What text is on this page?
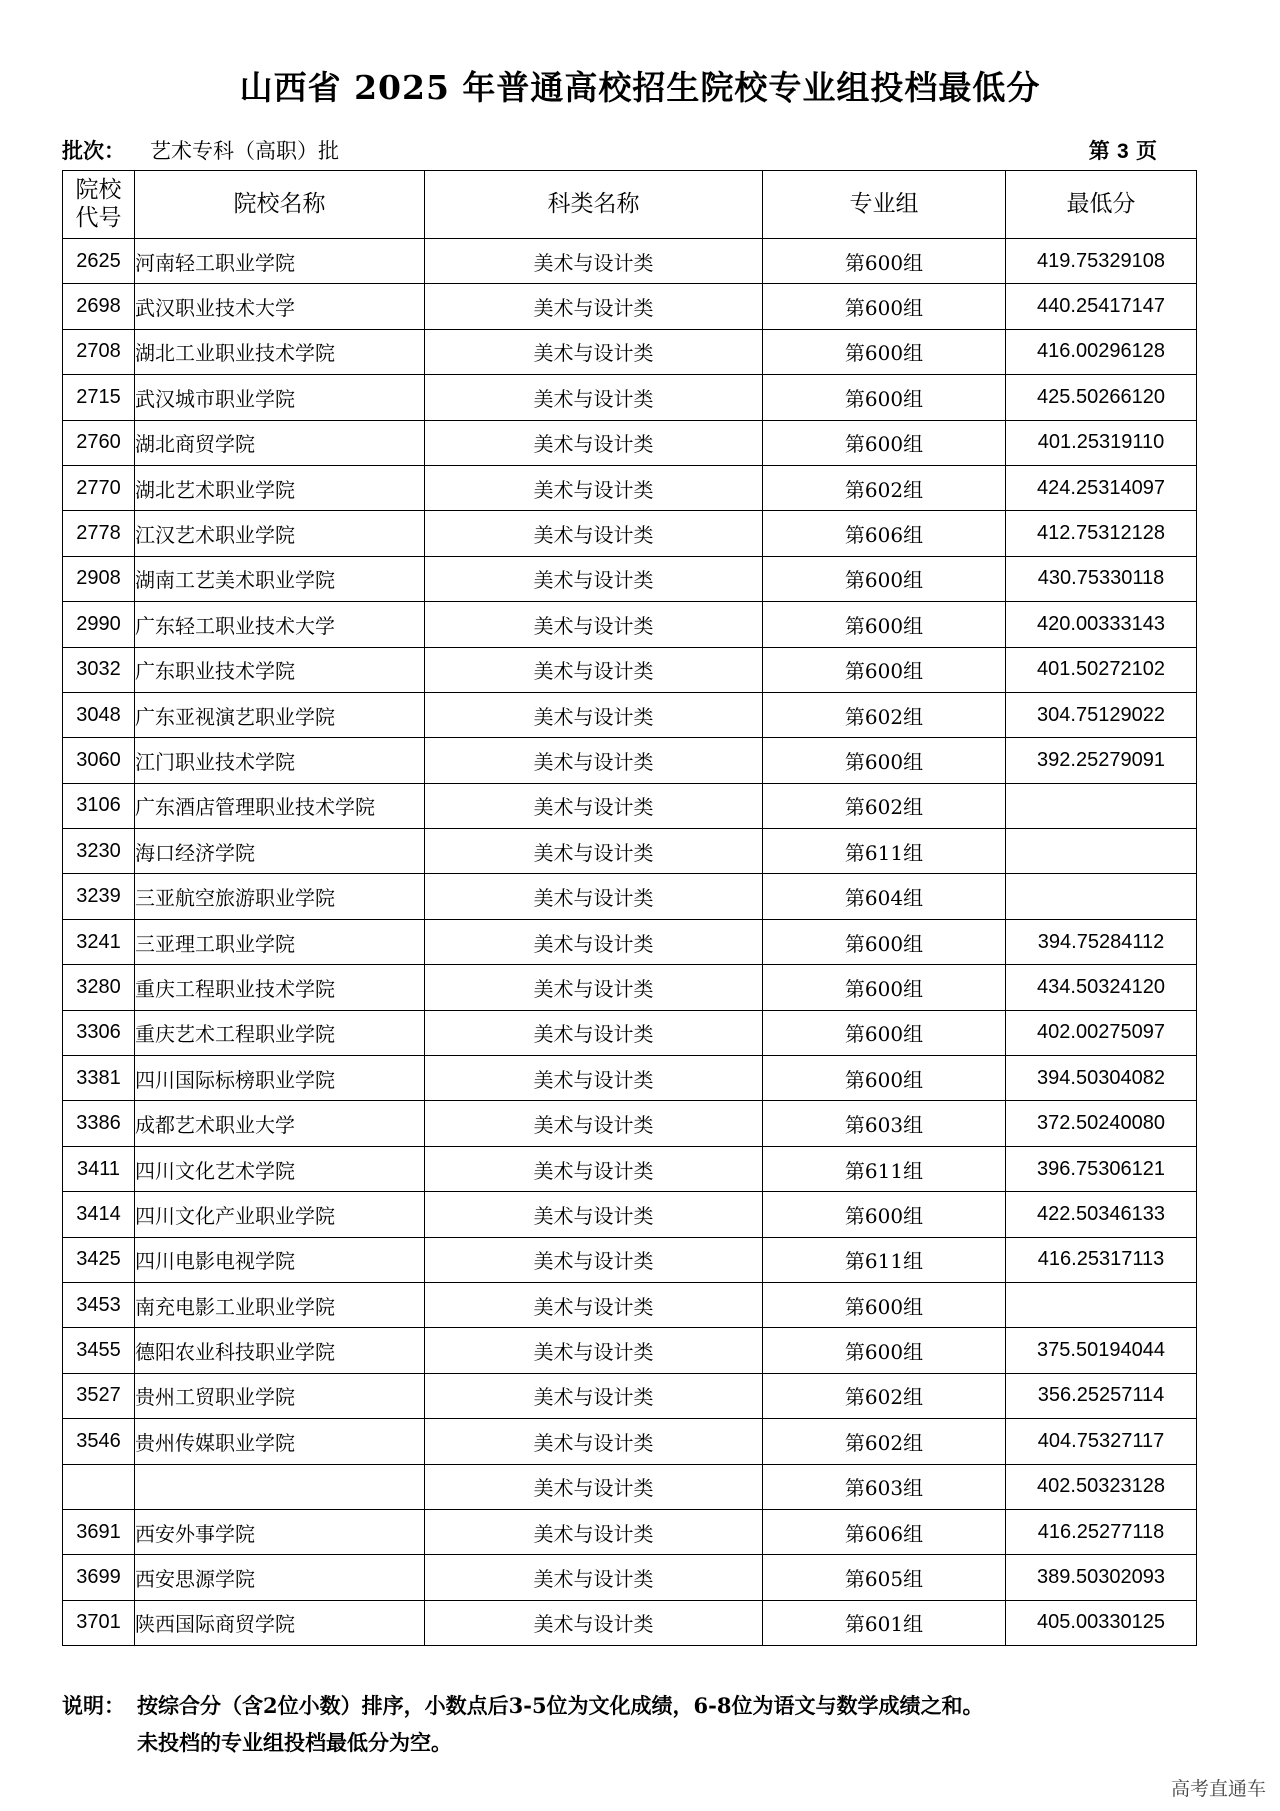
山西省 2025 年普通高校招生院校专业组投档最低分
批次： 艺术专科（高职）批	第 3 页
院校代号	院校名称	科类名称	专业组	最低分
2625	河南轻工职业学院	美术与设计类	第600组	419.75329108
2698	武汉职业技术大学	美术与设计类	第600组	440.25417147
2708	湖北工业职业技术学院	美术与设计类	第600组	416.00296128
2715	武汉城市职业学院	美术与设计类	第600组	425.50266120
2760	湖北商贸学院	美术与设计类	第600组	401.25319110
2770	湖北艺术职业学院	美术与设计类	第602组	424.25314097
2778	江汉艺术职业学院	美术与设计类	第606组	412.75312128
2908	湖南工艺美术职业学院	美术与设计类	第600组	430.75330118
2990	广东轻工职业技术大学	美术与设计类	第600组	420.00333143
3032	广东职业技术学院	美术与设计类	第600组	401.50272102
3048	广东亚视演艺职业学院	美术与设计类	第602组	304.75129022
3060	江门职业技术学院	美术与设计类	第600组	392.25279091
3106	广东酒店管理职业技术学院	美术与设计类	第602组	
3230	海口经济学院	美术与设计类	第611组	
3239	三亚航空旅游职业学院	美术与设计类	第604组	
3241	三亚理工职业学院	美术与设计类	第600组	394.75284112
3280	重庆工程职业技术学院	美术与设计类	第600组	434.50324120
3306	重庆艺术工程职业学院	美术与设计类	第600组	402.00275097
3381	四川国际标榜职业学院	美术与设计类	第600组	394.50304082
3386	成都艺术职业大学	美术与设计类	第603组	372.50240080
3411	四川文化艺术学院	美术与设计类	第611组	396.75306121
3414	四川文化产业职业学院	美术与设计类	第600组	422.50346133
3425	四川电影电视学院	美术与设计类	第611组	416.25317113
3453	南充电影工业职业学院	美术与设计类	第600组	
3455	德阳农业科技职业学院	美术与设计类	第600组	375.50194044
3527	贵州工贸职业学院	美术与设计类	第602组	356.25257114
3546	贵州传媒职业学院	美术与设计类	第602组	404.75327117
		美术与设计类	第603组	402.50323128
3691	西安外事学院	美术与设计类	第606组	416.25277118
3699	西安思源学院	美术与设计类	第605组	389.50302093
3701	陕西国际商贸学院	美术与设计类	第601组	405.00330125
说明： 按综合分（含2位小数）排序，小数点后3-5位为文化成绩，6-8位为语文与数学成绩之和。
未投档的专业组投档最低分为空。
高考直通车
